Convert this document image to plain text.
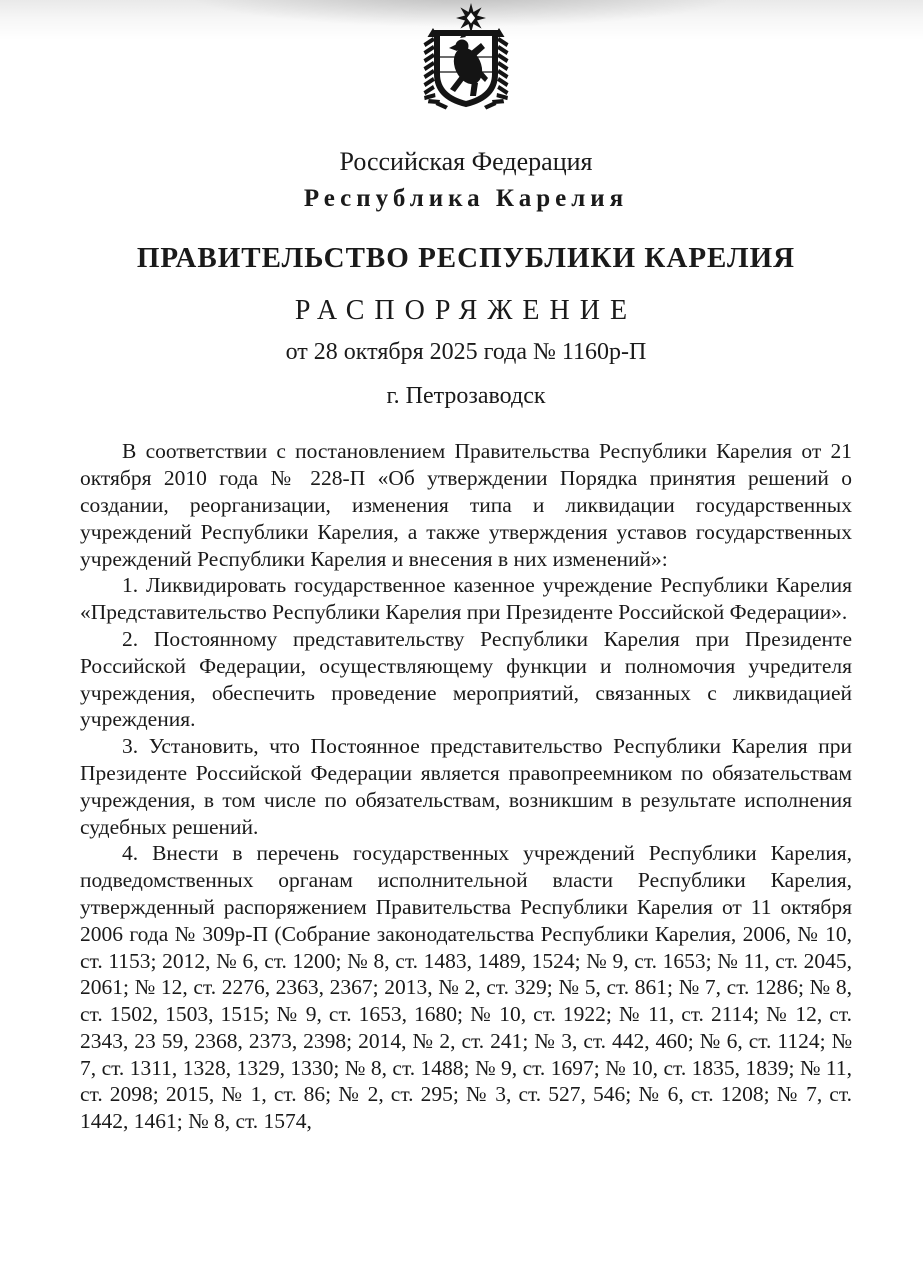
Российская Федерация
Республика Карелия
ПРАВИТЕЛЬСТВО РЕСПУБЛИКИ КАРЕЛИЯ
РАСПОРЯЖЕНИЕ
от 28 октября 2025 года № 1160р-П
г. Петрозаводск

В соответствии с постановлением Правительства Республики Карелия от 21 октября 2010 года № 228-П «Об утверждении Порядка принятия решений о создании, реорганизации, изменения типа и ликвидации государственных учреждений Республики Карелия, а также утверждения уставов государственных учреждений Республики Карелия и внесения в них изменений»:

1. Ликвидировать государственное казенное учреждение Республики Карелия «Представительство Республики Карелия при Президенте Российской Федерации».

2. Постоянному представительству Республики Карелия при Президенте Российской Федерации, осуществляющему функции и полномочия учредителя учреждения, обеспечить проведение мероприятий, связанных с ликвидацией учреждения.

3. Установить, что Постоянное представительство Республики Карелия при Президенте Российской Федерации является правопреемником по обязательствам учреждения, в том числе по обязательствам, возникшим в результате исполнения судебных решений.

4. Внести в перечень государственных учреждений Республики Карелия, подведомственных органам исполнительной власти Республики Карелия, утвержденный распоряжением Правительства Республики Карелия от 11 октября 2006 года № 309р-П (Собрание законодательства Республики Карелия, 2006, № 10, ст. 1153; 2012, № 6, ст. 1200; № 8, ст. 1483, 1489, 1524; № 9, ст. 1653; № 11, ст. 2045, 2061; № 12, ст. 2276, 2363, 2367; 2013, № 2, ст. 329; № 5, ст. 861; № 7, ст. 1286; № 8, ст. 1502, 1503, 1515; № 9, ст. 1653, 1680; № 10, ст. 1922; № 11, ст. 2114; № 12, ст. 2343, 23 59, 2368, 2373, 2398; 2014, № 2, ст. 241; № 3, ст. 442, 460; № 6, ст. 1124; № 7, ст. 1311, 1328, 1329, 1330; № 8, ст. 1488; № 9, ст. 1697; № 10, ст. 1835, 1839; № 11, ст. 2098; 2015, № 1, ст. 86; № 2, ст. 295; № 3, ст. 527, 546; № 6, ст. 1208; № 7, ст. 1442, 1461; № 8, ст. 1574,
